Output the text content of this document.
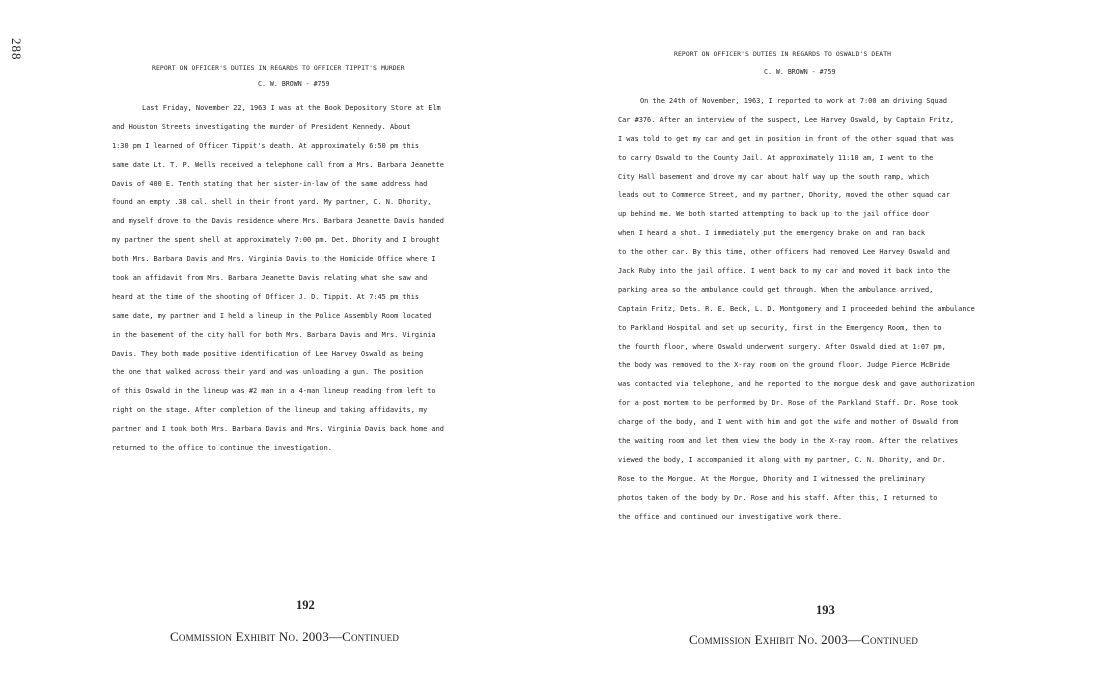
288
REPORT ON OFFICER'S DUTIES IN REGARDS TO OFFICER TIPPIT'S MURDER
C. W. BROWN - #759
Last Friday, November 22, 1963 I was at the Book Depository Store at Elm
and Houston Streets investigating the murder of President Kennedy. About
1:30 pm I learned of Officer Tippit's death. At approximately 6:50 pm this
same date Lt. T. P. Wells received a telephone call from a Mrs. Barbara Jeanette
Davis of 400 E. Tenth stating that her sister-in-law of the same address had
found an empty .38 cal. shell in their front yard. My partner, C. N. Dhority,
and myself drove to the Davis residence where Mrs. Barbara Jeanette Davis handed
my partner the spent shell at approximately 7:00 pm. Det. Dhority and I brought
both Mrs. Barbara Davis and Mrs. Virginia Davis to the Homicide Office where I
took an affidavit from Mrs. Barbara Jeanette Davis relating what she saw and
heard at the time of the shooting of Officer J. D. Tippit. At 7:45 pm this
same date, my partner and I held a lineup in the Police Assembly Room located
in the basement of the city hall for both Mrs. Barbara Davis and Mrs. Virginia
Davis. They both made positive identification of Lee Harvey Oswald as being
the one that walked across their yard and was unloading a gun. The position
of this Oswald in the lineup was #2 man in a 4-man lineup reading from left to
right on the stage. After completion of the lineup and taking affidavits, my
partner and I took both Mrs. Barbara Davis and Mrs. Virginia Davis back home and
returned to the office to continue the investigation.
192
Commission Exhibit No. 2003—Continued
REPORT ON OFFICER'S DUTIES IN REGARDS TO OSWALD'S DEATH
C. W. BROWN - #759
On the 24th of November, 1963, I reported to work at 7:00 am driving Squad
Car #376. After an interview of the suspect, Lee Harvey Oswald, by Captain Fritz,
I was told to get my car and get in position in front of the other squad that was
to carry Oswald to the County Jail. At approximately 11:10 am, I went to the
City Hall basement and drove my car about half way up the south ramp, which
leads out to Commerce Street, and my partner, Dhority, moved the other squad car
up behind me. We both started attempting to back up to the jail office door
when I heard a shot. I immediately put the emergency brake on and ran back
to the other car. By this time, other officers had removed Lee Harvey Oswald and
Jack Ruby into the jail office. I went back to my car and moved it back into the
parking area so the ambulance could get through. When the ambulance arrived,
Captain Fritz, Dets. R. E. Beck, L. D. Montgomery and I proceeded behind the ambulance
to Parkland Hospital and set up security, first in the Emergency Room, then to
the fourth floor, where Oswald underwent surgery. After Oswald died at 1:07 pm,
the body was removed to the X-ray room on the ground floor. Judge Pierce McBride
was contacted via telephone, and he reported to the morgue desk and gave authorization
for a post mortem to be performed by Dr. Rose of the Parkland Staff. Dr. Rose took
charge of the body, and I went with him and got the wife and mother of Oswald from
the waiting room and let them view the body in the X-ray room. After the relatives
viewed the body, I accompanied it along with my partner, C. N. Dhority, and Dr.
Rose to the Morgue. At the Morgue, Dhority and I witnessed the preliminary
photos taken of the body by Dr. Rose and his staff. After this, I returned to
the office and continued our investigative work there.
193
Commission Exhibit No. 2003—Continued
